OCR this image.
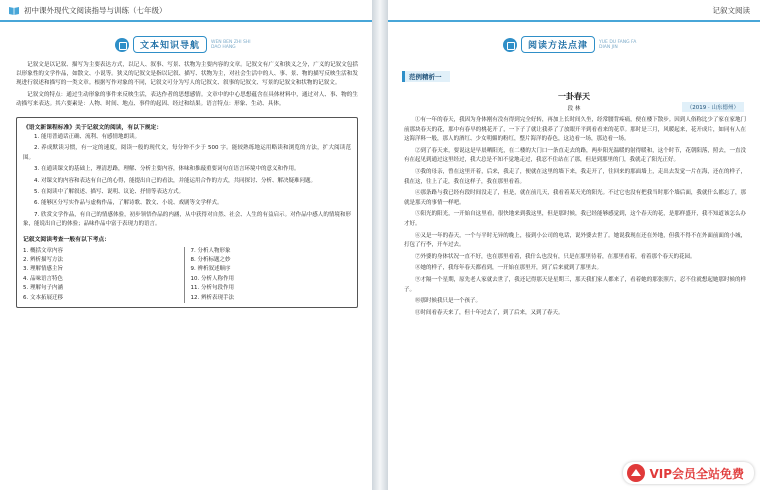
初中课外现代文阅读指导与训练（七年级）
文本知识导航	WEN BEN ZHI SHI DAO HANG

记叙文是以记叙、描写为主要表达方式，以记人、叙事、写景、状物为主要内容的文章。记叙文有广义和狭义之分，广义的记叙文包括以形象性的文学作品，如散文、小说等。狭义的记叙文是指以记叙、描写、状物为主，对社会生活中的人、事、景、物的描写反映生活和发现进行叙述和描写的一类文章。根据写作对象的不同，记叙文可分为写人的记叙文、叙事的记叙文、写景的记叙文和状物的记叙文。

记叙文的特点：通过生动形象的事件来反映生活，表达作者的思想感情。文章中的中心思想蕴含在具体材料中，通过对人、事、物的生动描写来表达。其六要素是：人物、时间、地点、事件的起因、经过和结果。语言特点：形象、生动、具体。

《语文新课程标准》关于记叙文的阅读，有以下规定：

1. 能用普通话正确、流利、有感情地朗读。

2. 养成默读习惯，有一定的速度，阅读一般的现代文，每分钟不少于 500 字。能较熟练地运用略读和浏览的方法，扩大阅读范围。

3. 在通读课文的基础上，理清思路，理解、分析主要内容，体味和推敲重要词句在语言环境中的意义和作用。

4. 对课文的内容和表达有自己的心得，能提出自己的看法，并能运用合作的方式，共同探讨、分析、解决疑难问题。

5. 在阅读中了解叙述、描写、说明、议论、抒情等表达方式。

6. 能够区分写实作品与虚构作品，了解诗歌、散文、小说、戏剧等文学样式。

7. 欣赏文学作品，有自己的情感体验，初步领悟作品的内涵，从中获得对自然、社会、人生的有益启示。对作品中感人的情境和形象，能说出自己的体验；品味作品中富于表现力的语言。

记叙文阅读考查一般有以下考点：
1. 概括文章内容
2. 辨析描写方法
3. 理解情感主旨
4. 品味语言特色
5. 理解句子内涵
6. 文本拓展迁移
7. 分析人物形象
8. 分析标题之妙
9. 辨析叙述顺序
10. 分析人称作用
11. 分析句段作用
12. 辨析表现手法
记叙文阅读
阅读方法点津	YUE DU FANG FA DIAN JIN
范例精析一
一卦春天
段 林	（2019 · 山东德州）

①有一年的春天，我因为身体刚有没有得到完全好转，再加上长时间久坐，经常腰背疼痛，便在楼下散步。因到人俗称比少了家在家地门前那块春天的花，那中有春早的桃花开了，一下子了就让我养了了放眼开平到看看来的花草。那时是三月，风暖起来，花开成片，如同有人在这海洋料一般，那人的酒红、少女明媚的粉红，整片海洋的春色，这边看一场，那边看一场。

②到了春天来，要说这是早晨晒阳光，在二楼的大门口一条直走去的路，两步阳光温暖的射得暖和，这个时节，花朝阳落，照去，一直没有在起见到通过这里经过，我大总是不知不觉地走过，我忍不住站在了那，但是到那里的门，我就走了阳光正好。

③我的母亲，曾在这里开着，后来，我走了，便就在这里的墙下来，我走开了，往回来的那面墙上，走出去发觉一片在海，还在的样子，我在这，往上了走，我在这样子，我在那里看着。

④那条路与我已经有段时间没走了，但是，就在前几天，我看着某天光的阳光。不过它也没有把我当时那个墙后面，我就什么都忘了，那就是那天的事情一样吧。

⑤阳光的阳光，一开始自这里看，很快地来到我这里，但是那时候，我已经能够感觉到，这个春天的花，是那样盛开，我不知道该怎么办才好。

⑥又是一年的春天，一个与平时无异的晚上，接到小公司的电话，说外婆去世了。她说我现在还在外地，但我不得不在外面前面的小城，打包了行李，开车过去。

⑦外婆的身体状况一直不好，也在那里看着，我什么也没有，只是在那里待着，在那里看着，看着那个春天的花园。

⑧她的样子，我每年春天都看到，一开始在那里开，到了后来就到了那里去。

⑨才隔一个星期，原先老人家就去世了，我还记得那天是星期三，那天我们家人都来了，看着她的那张照片，忍不住就想起她那时候的样子。

⑩那时候我只是一个孩子。

⑪时间看春天来了，但十年过去了，到了后来，又到了春天。

VIP会员全站免费
